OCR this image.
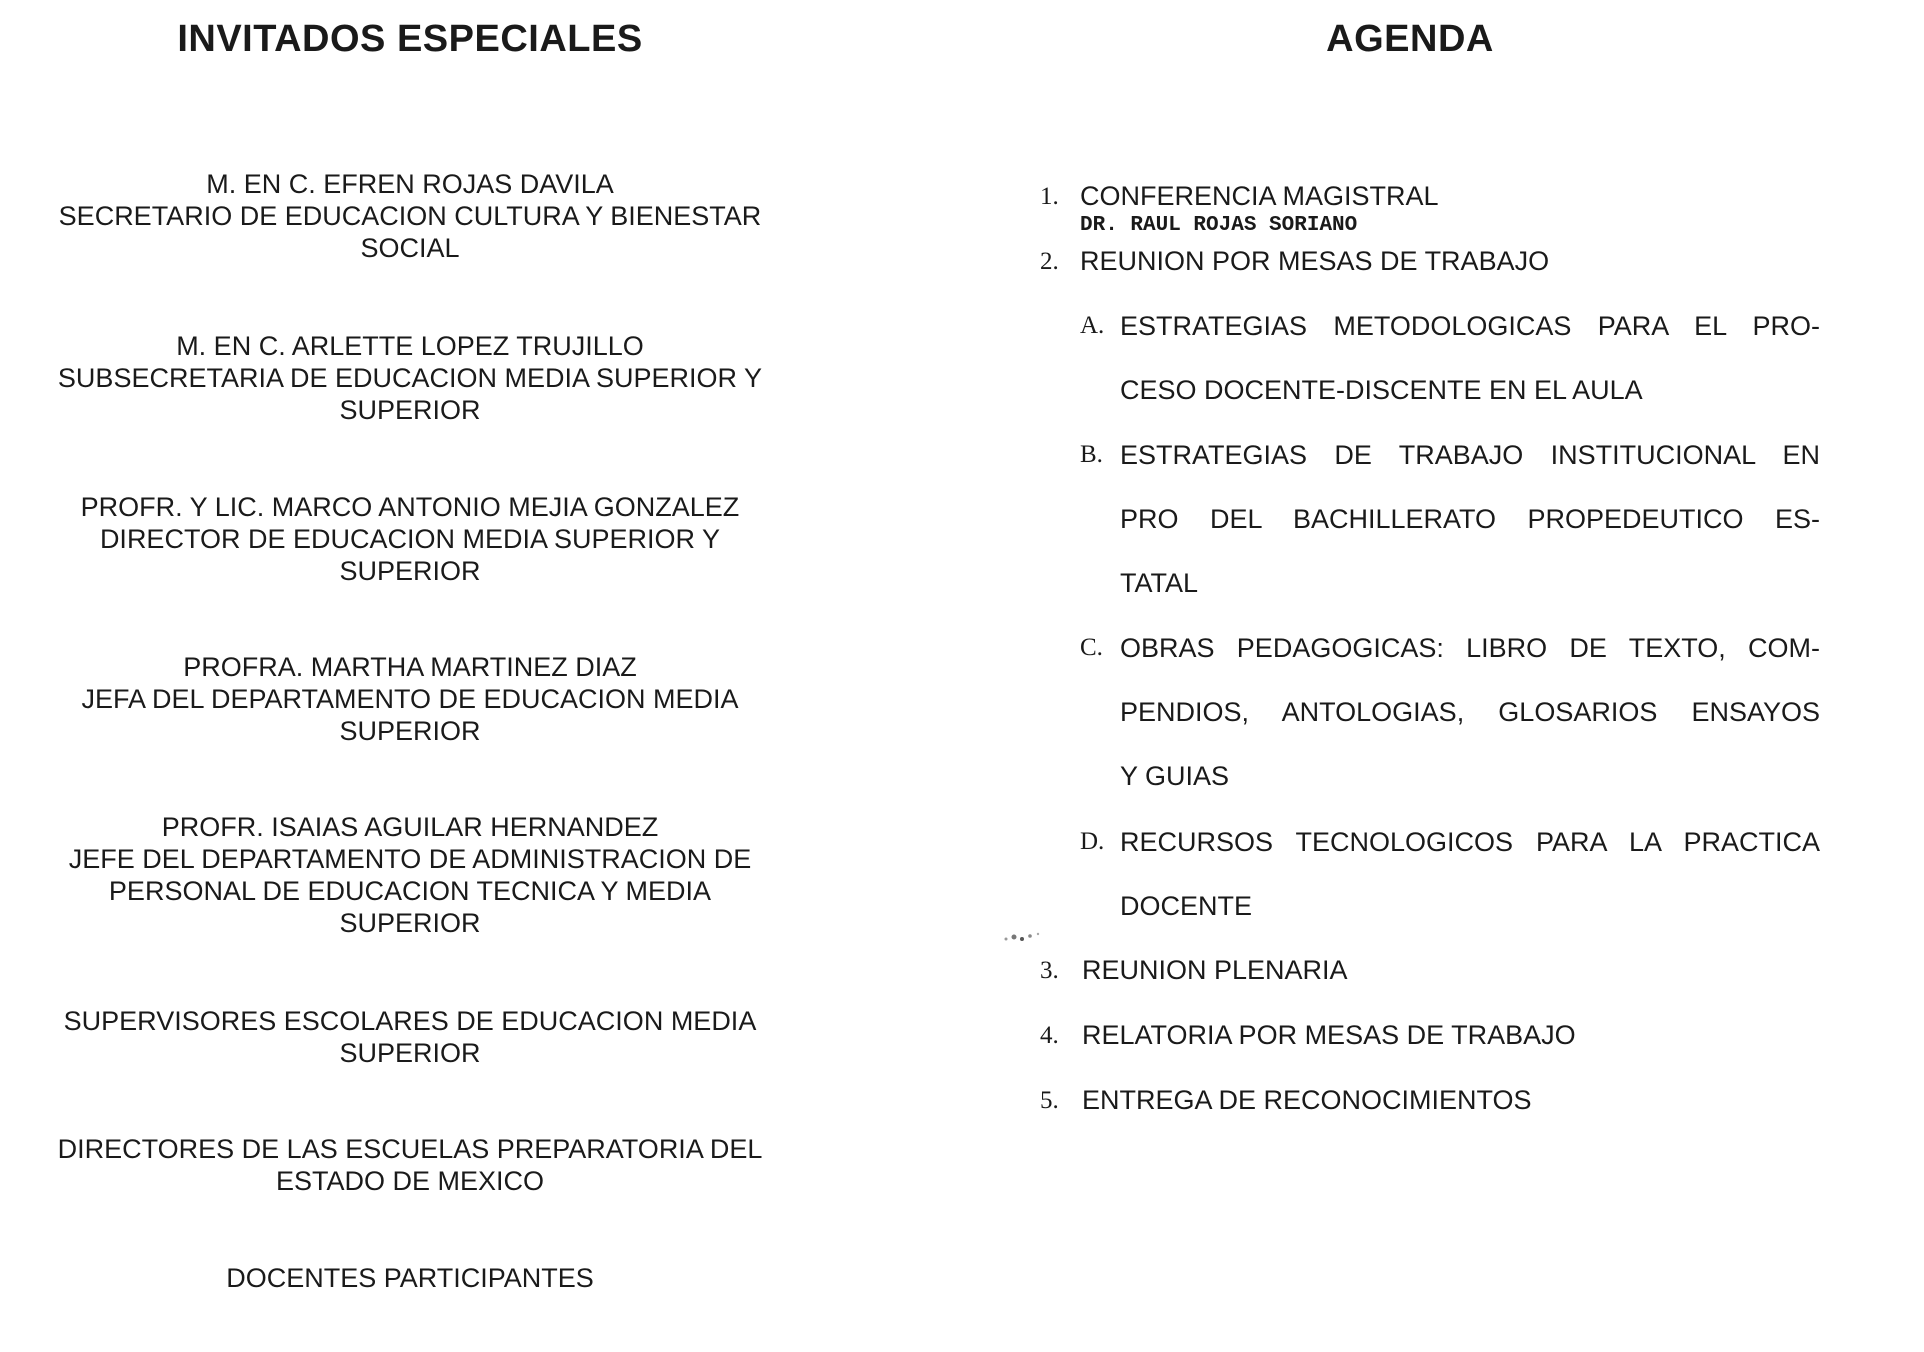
INVITADOS ESPECIALES
M. EN C. EFREN ROJAS DAVILA
SECRETARIO DE EDUCACION CULTURA Y BIENESTAR
SOCIAL
M. EN C. ARLETTE LOPEZ TRUJILLO
SUBSECRETARIA DE EDUCACION MEDIA SUPERIOR Y
SUPERIOR
PROFR. Y LIC. MARCO ANTONIO MEJIA GONZALEZ
DIRECTOR DE EDUCACION MEDIA SUPERIOR Y
SUPERIOR
PROFRA. MARTHA MARTINEZ DIAZ
JEFA DEL DEPARTAMENTO DE EDUCACION MEDIA
SUPERIOR
PROFR. ISAIAS AGUILAR HERNANDEZ
JEFE DEL DEPARTAMENTO DE ADMINISTRACION DE
PERSONAL DE EDUCACION TECNICA Y MEDIA
SUPERIOR
SUPERVISORES ESCOLARES DE EDUCACION MEDIA
SUPERIOR
DIRECTORES DE LAS ESCUELAS PREPARATORIA DEL
ESTADO DE MEXICO
DOCENTES PARTICIPANTES
AGENDA
1. CONFERENCIA MAGISTRAL
DR. RAUL ROJAS SORIANO
2. REUNION POR MESAS DE TRABAJO
A. ESTRATEGIAS METODOLOGICAS PARA EL PRO-
CESO DOCENTE-DISCENTE EN EL AULA
B. ESTRATEGIAS DE TRABAJO INSTITUCIONAL EN
PRO DEL BACHILLERATO PROPEDEUTICO ES-
TATAL
C. OBRAS PEDAGOGICAS: LIBRO DE TEXTO, COM-
PENDIOS, ANTOLOGIAS, GLOSARIOS ENSAYOS
Y GUIAS
D. RECURSOS TECNOLOGICOS PARA LA PRACTICA
DOCENTE
3. REUNION PLENARIA
4. RELATORIA POR MESAS DE TRABAJO
5. ENTREGA DE RECONOCIMIENTOS
